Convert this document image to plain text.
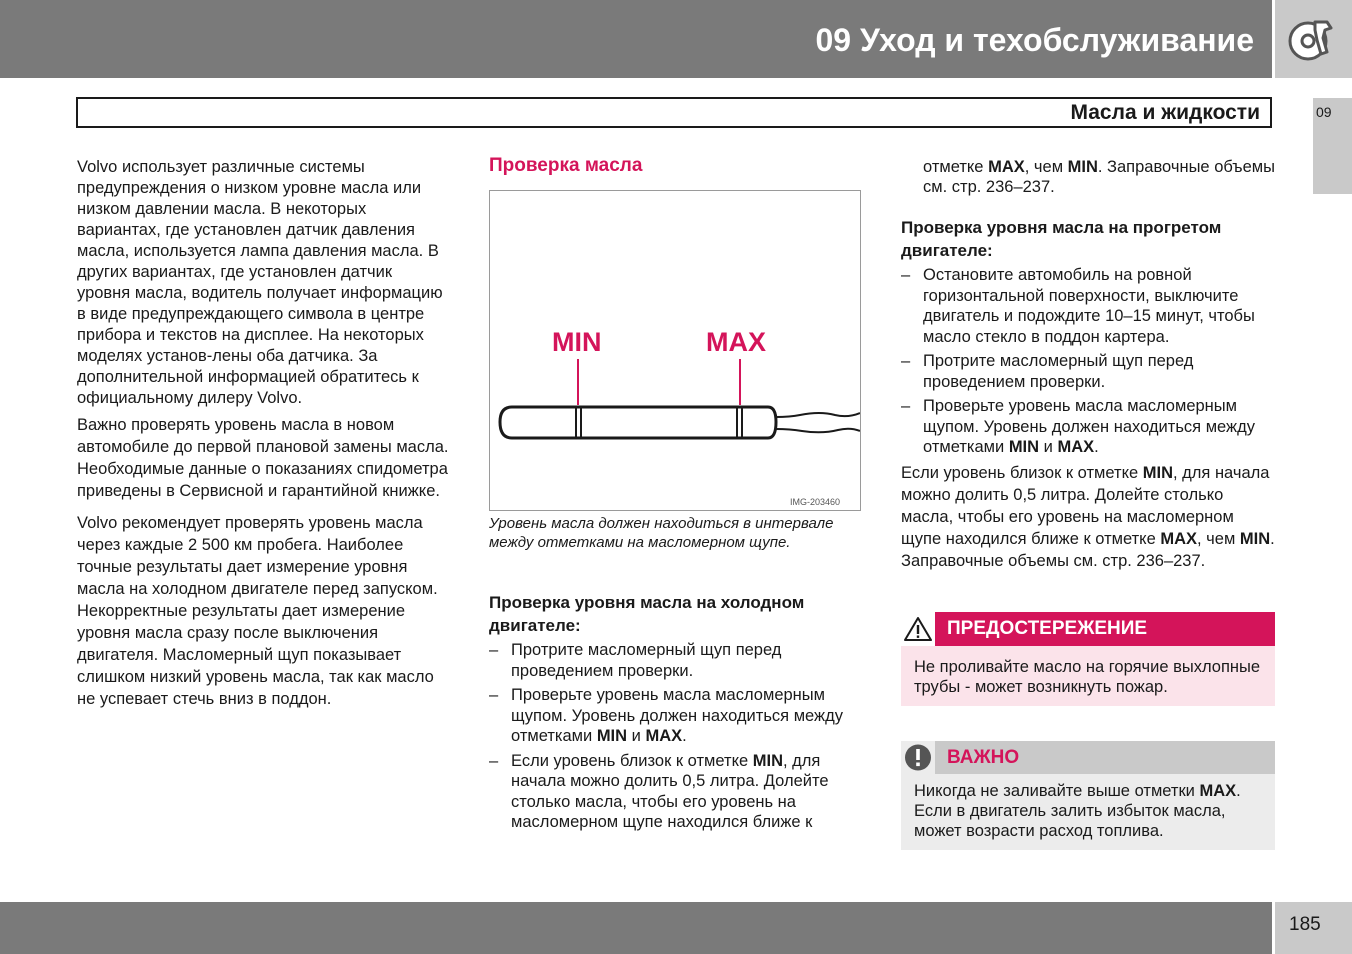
09 Уход и техобслуживание
09
Масла и жидкости

Volvo использует различные системы предупреждения о низком уровне масла или низком давлении масла. В некоторых вариантах, где установлен датчик давления масла, используется лампа давления масла. В других вариантах, где установлен датчик уровня масла, водитель получает информацию в виде предупреждающего символа в центре прибора и текстов на дисплее. На некоторых моделях установ-лены оба датчика. За дополнительной информацией обратитесь к официальному дилеру Volvo.

Важно проверять уровень масла в новом автомобиле до первой плановой замены масла. Необходимые данные о показаниях спидометра приведены в Сервисной и гарантийной книжке.

Volvo рекомендует проверять уровень масла через каждые 2 500 км пробега. Наиболее точные результаты дает измерение уровня масла на холодном двигателе перед запуском. Некорректные результаты дает измерение уровня масла сразу после выключения двигателя. Масломерный щуп показывает слишком низкий уровень масла, так как масло не успевает стечь вниз в поддон.

Проверка масла
MIN	MAX
IMG-203460
Уровень масла должен находиться в интервале между отметками на масломерном щупе.
Проверка уровня масла на холодном двигателе:
– Протрите масломерный щуп перед проведением проверки.
– Проверьте уровень масла масломерным щупом. Уровень должен находиться между отметками MIN и MAX.
– Если уровень близок к отметке MIN, для начала можно долить 0,5 литра. Долейте столько масла, чтобы его уровень на масломерном щупе находился ближе к

отметке MAX, чем MIN. Заправочные объемы см. стр. 236–237.

Проверка уровня масла на прогретом двигателе:
– Остановите автомобиль на ровной горизонтальной поверхности, выключите двигатель и подождите 10–15 минут, чтобы масло стекло в поддон картера.
– Протрите масломерный щуп перед проведением проверки.
– Проверьте уровень масла масломерным щупом. Уровень должен находиться между отметками MIN и MAX.

Если уровень близок к отметке MIN, для начала можно долить 0,5 литра. Долейте столько масла, чтобы его уровень на масломерном щупе находился ближе к отметке MAX, чем MIN. Заправочные объемы см. стр. 236–237.

ПРЕДОСТЕРЕЖЕНИЕ
Не проливайте масло на горячие выхлопные трубы - может возникнуть пожар.
ВАЖНО
Никогда не заливайте выше отметки MAX. Если в двигатель залить избыток масла, может возрасти расход топлива.
185
